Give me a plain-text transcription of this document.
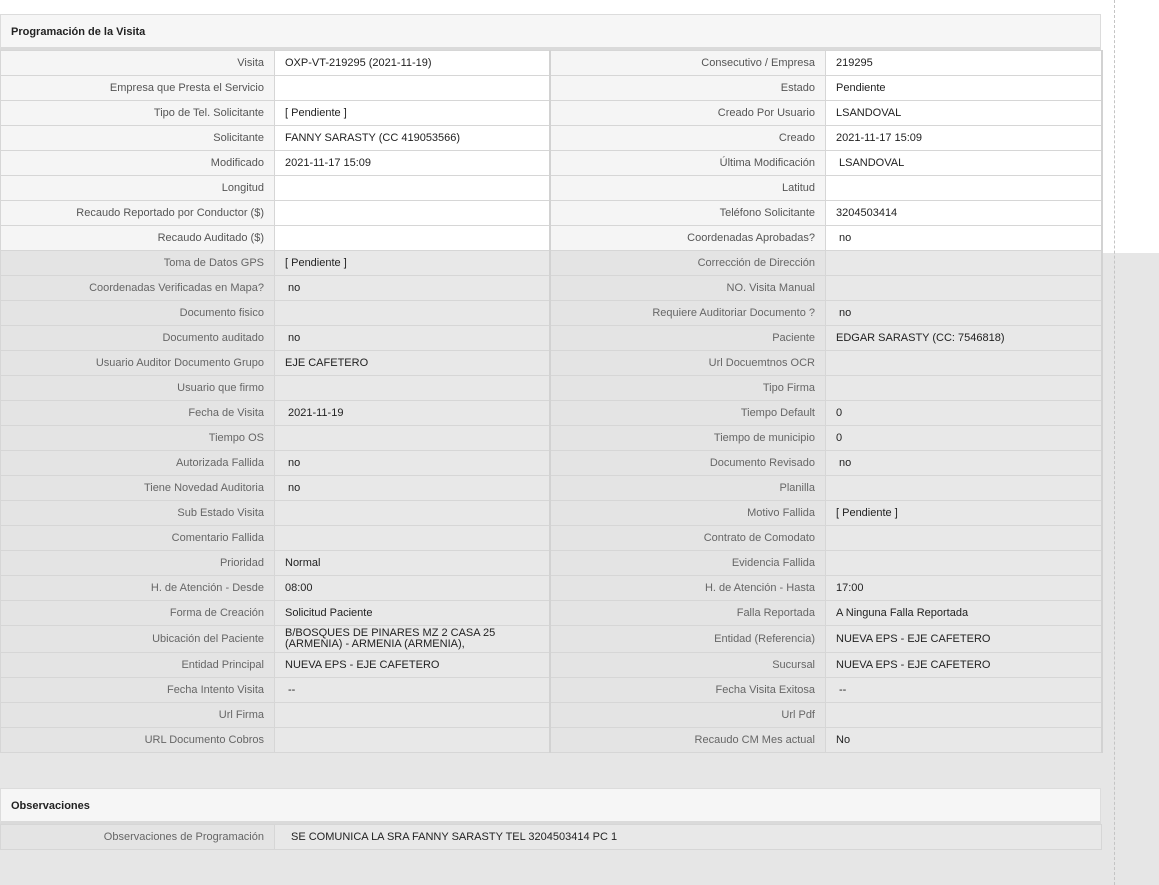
Programación de la Visita
Visita	OXP-VT-219295 (2021-11-19)	Consecutivo / Empresa	219295
Empresa que Presta el Servicio		Estado	Pendiente
Tipo de Tel. Solicitante	[ Pendiente ]	Creado Por Usuario	LSANDOVAL
Solicitante	FANNY SARASTY (CC 419053566)	Creado	2021-11-17 15:09
Modificado	2021-11-17 15:09	Última Modificación	LSANDOVAL
Longitud		Latitud	
Recaudo Reportado por Conductor ($)		Teléfono Solicitante	3204503414
Recaudo Auditado ($)		Coordenadas Aprobadas?	no
Toma de Datos GPS	[ Pendiente ]	Corrección de Dirección	
Coordenadas Verificadas en Mapa?	no	NO. Visita Manual	
Documento fisico		Requiere Auditoriar Documento ?	no
Documento auditado	no	Paciente	EDGAR SARASTY (CC: 7546818)
Usuario Auditor Documento Grupo	EJE CAFETERO	Url Docuemtnos OCR	
Usuario que firmo		Tipo Firma	
Fecha de Visita	2021-11-19	Tiempo Default	0
Tiempo OS		Tiempo de municipio	0
Autorizada Fallida	no	Documento Revisado	no
Tiene Novedad Auditoria	no	Planilla	
Sub Estado Visita		Motivo Fallida	[ Pendiente ]
Comentario Fallida		Contrato de Comodato	
Prioridad	Normal	Evidencia Fallida	
H. de Atención - Desde	08:00	H. de Atención - Hasta	17:00
Forma de Creación	Solicitud Paciente	Falla Reportada	A Ninguna Falla Reportada
Ubicación del Paciente	B/BOSQUES DE PINARES MZ 2 CASA 25 (ARMENIA) - ARMENIA (ARMENIA),	Entidad (Referencia)	NUEVA EPS - EJE CAFETERO
Entidad Principal	NUEVA EPS - EJE CAFETERO	Sucursal	NUEVA EPS - EJE CAFETERO
Fecha Intento Visita	--	Fecha Visita Exitosa	--
Url Firma		Url Pdf	
URL Documento Cobros		Recaudo CM Mes actual	No
Observaciones
Observaciones de Programación	SE COMUNICA LA SRA FANNY SARASTY TEL 3204503414 PC 1
